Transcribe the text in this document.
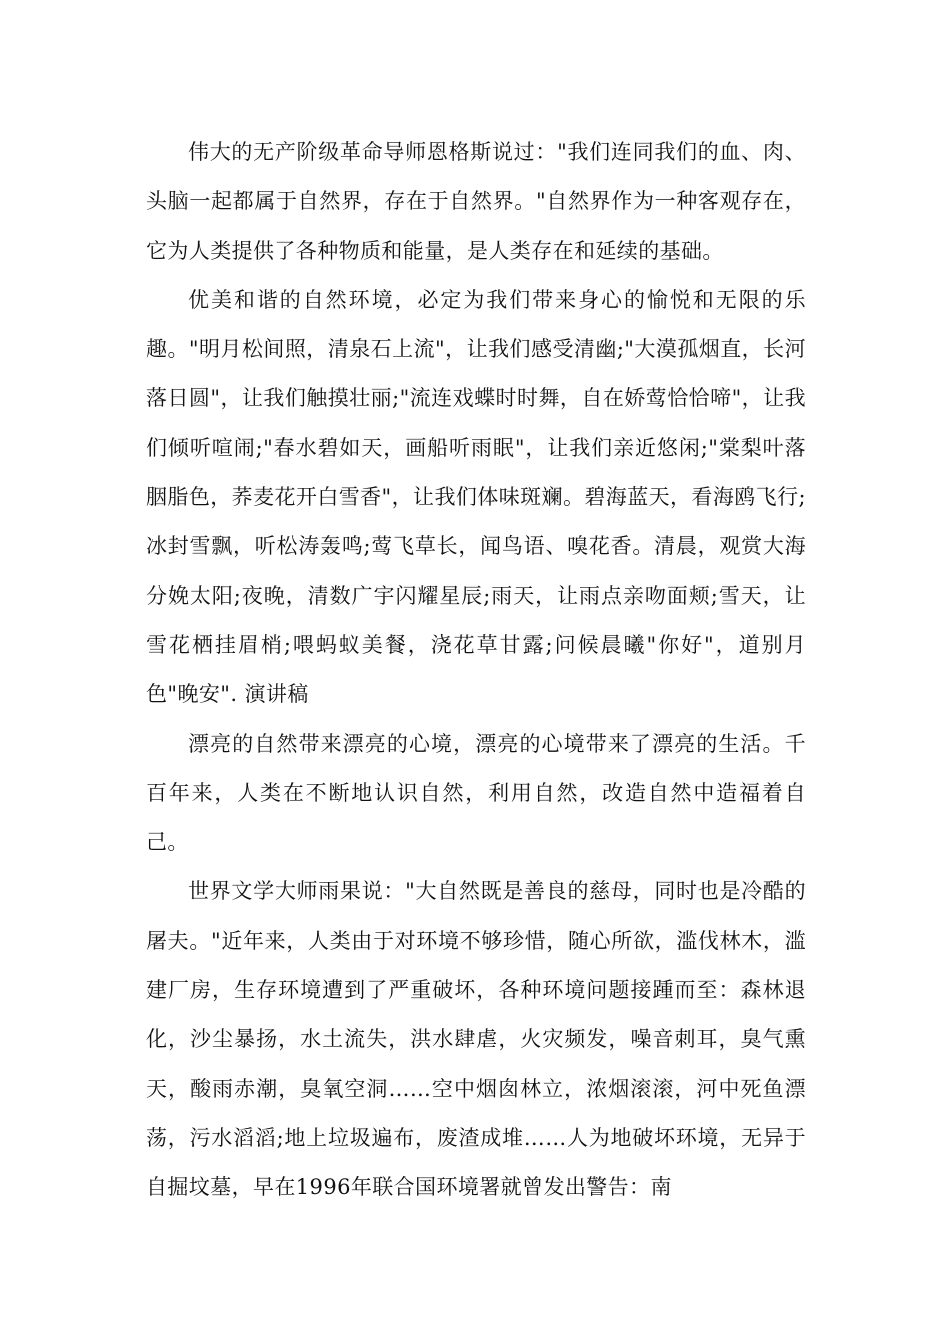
伟大的无产阶级革命导师恩格斯说过："我们连同我们的血、肉、头脑一起都属于自然界，存在于自然界。"自然界作为一种客观存在，它为人类提供了各种物质和能量，是人类存在和延续的基础。

优美和谐的自然环境，必定为我们带来身心的愉悦和无限的乐趣。"明月松间照，清泉石上流"，让我们感受清幽;"大漠孤烟直，长河落日圆"，让我们触摸壮丽;"流连戏蝶时时舞，自在娇莺恰恰啼"，让我们倾听喧闹;"春水碧如天，画船听雨眠"，让我们亲近悠闲;"棠梨叶落胭脂色，荞麦花开白雪香"，让我们体味斑斓。碧海蓝天，看海鸥飞行;冰封雪飘，听松涛轰鸣;莺飞草长，闻鸟语、嗅花香。清晨，观赏大海分娩太阳;夜晚，清数广宇闪耀星辰;雨天，让雨点亲吻面颊;雪天，让雪花栖挂眉梢;喂蚂蚁美餐，浇花草甘露;问候晨曦"你好"，道别月色"晚安". 演讲稿

漂亮的自然带来漂亮的心境，漂亮的心境带来了漂亮的生活。千百年来，人类在不断地认识自然，利用自然，改造自然中造福着自己。

世界文学大师雨果说："大自然既是善良的慈母，同时也是冷酷的屠夫。"近年来，人类由于对环境不够珍惜，随心所欲，滥伐林木，滥建厂房，生存环境遭到了严重破坏，各种环境问题接踵而至：森林退化，沙尘暴扬，水土流失，洪水肆虐，火灾频发，噪音刺耳，臭气熏天，酸雨赤潮，臭氧空洞……空中烟囱林立，浓烟滚滚，河中死鱼漂荡，污水滔滔;地上垃圾遍布，废渣成堆……人为地破坏环境，无异于自掘坟墓，早在1996年联合国环境署就曾发出警告：南
